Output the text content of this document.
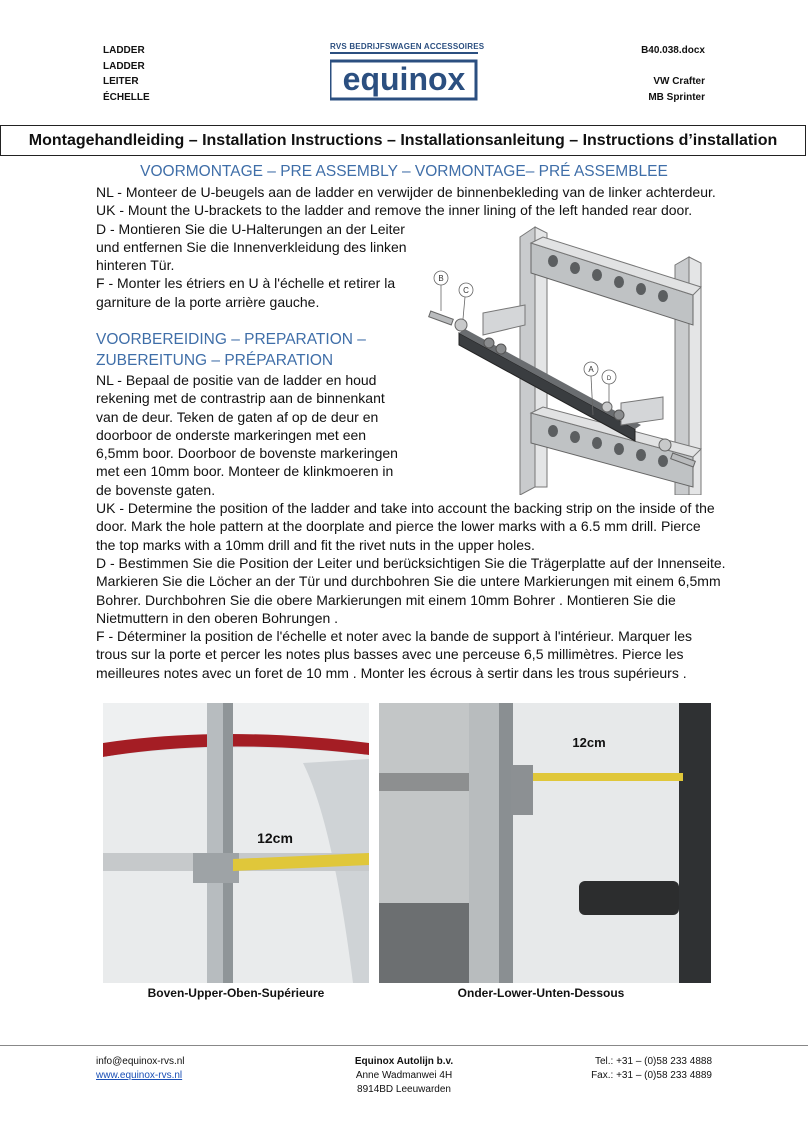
LADDER
LADDER
LEITER
ÉCHELLE
RVS BEDRIJFSWAGEN ACCESSOIRES
equinox
B40.038.docx

VW Crafter
MB Sprinter
Montagehandleiding – Installation Instructions – Installationsanleitung – Instructions d’installation
VOORMONTAGE – PRE ASSEMBLY – VORMONTAGE– PRÉ ASSEMBLEE
NL - Monteer de U-beugels aan de ladder en verwijder de binnenbekleding van de linker achterdeur.
UK - Mount the U-brackets to the ladder and remove the inner lining of the left handed rear door.
D - Montieren Sie die U-Halterungen an der Leiter
und entfernen Sie die Innenverkleidung des linken
hinteren Tür.
F - Monter les étriers en U à l'échelle et retirer la
garniture de la porte arrière gauche.
VOORBEREIDING – PREPARATION –
ZUBEREITUNG – PRÉPARATION
NL - Bepaal de positie van de ladder en houd
rekening met de contrastrip aan de binnenkant
van de deur. Teken de gaten af op de deur en
doorboor de onderste markeringen met een
6,5mm boor. Doorboor de bovenste markeringen
met een 10mm boor. Monteer de klinkmoeren in
de bovenste gaten.
UK - Determine the position of the ladder and take into account the backing strip on the inside of the
door. Mark the hole pattern at the doorplate and pierce the lower marks with a 6.5 mm drill. Pierce
the top marks with a 10mm drill and fit the rivet nuts in the upper holes.
D - Bestimmen Sie die Position der Leiter und berücksichtigen Sie die Trägerplatte auf der Innenseite.
Markieren Sie die Löcher an der Tür und durchbohren Sie die untere Markierungen mit einem 6,5mm
Bohrer. Durchbohren Sie die obere Markierungen mit einem 10mm Bohrer . Montieren Sie die
Nietmuttern in den oberen Bohrungen .
F - Déterminer la position de l'échelle et noter avec la bande de support à l'intérieur. Marquer les
trous sur la porte et percer les notes plus basses avec une perceuse 6,5 millimètres. Pierce les
meilleures notes avec un foret de 10 mm . Monter les écrous à sertir dans les trous supérieurs .
B
C
A
D
12cm
Boven-Upper-Oben-Supérieure
12cm
Onder-Lower-Unten-Dessous
info@equinox-rvs.nl
www.equinox-rvs.nl
Equinox Autolijn b.v.
Anne Wadmanwei 4H
8914BD Leeuwarden
Tel.: +31 – (0)58 233 4888
Fax.: +31 – (0)58 233 4889
